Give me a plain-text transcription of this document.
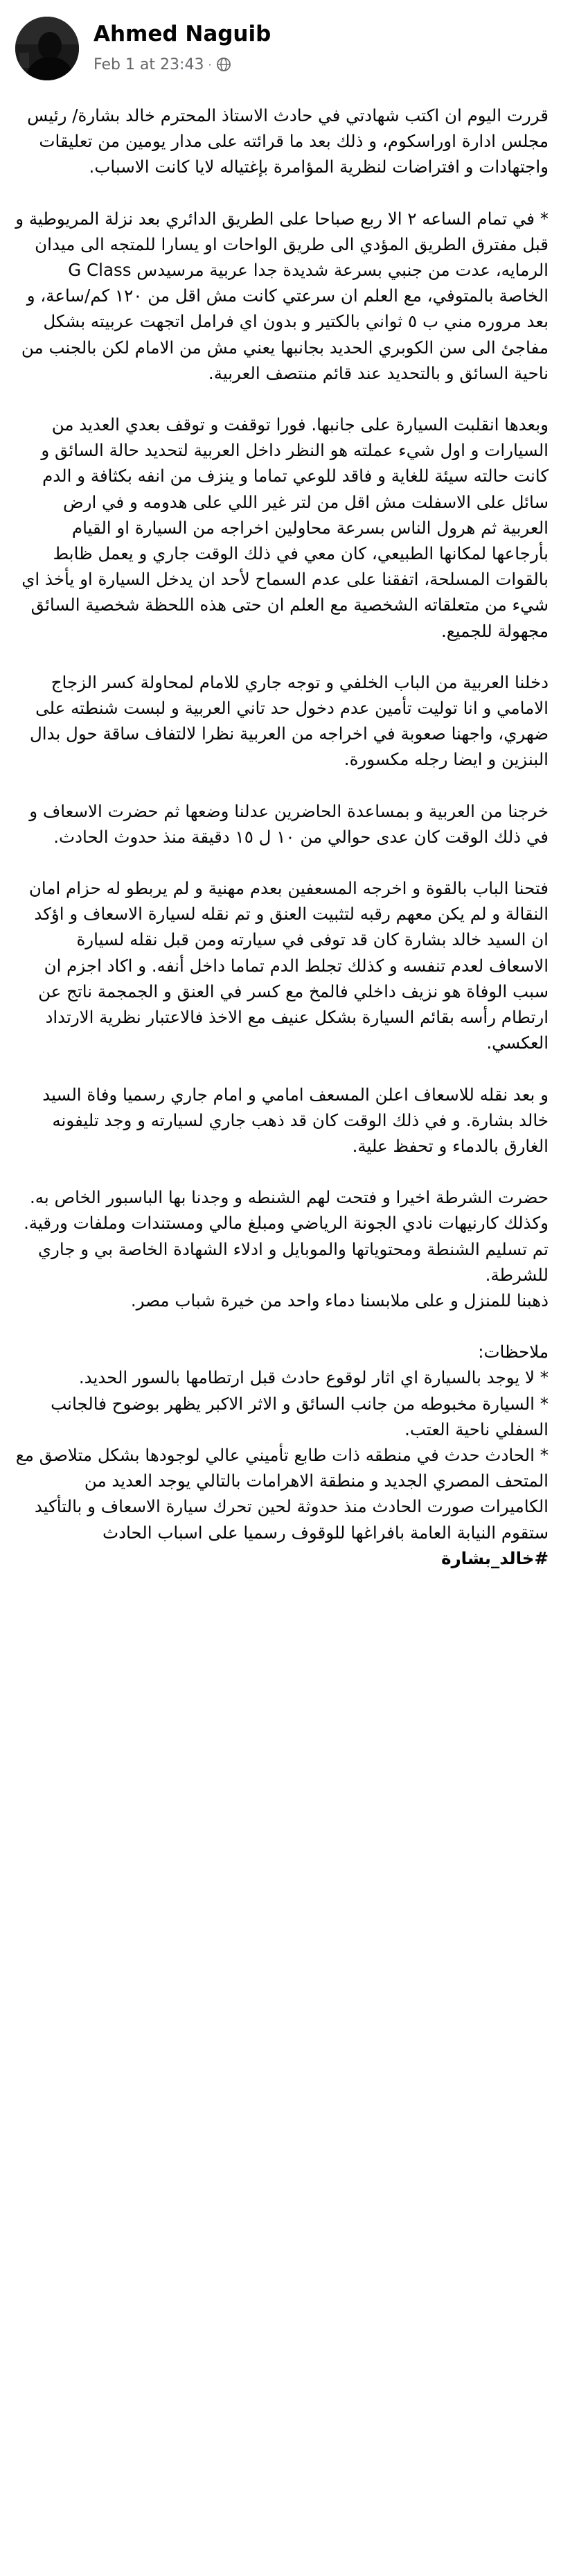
Ahmed Naguib
Feb 1 at 23:43 ·

قررت اليوم ان اكتب شهادتي في حادث الاستاذ المحترم خالد بشارة/ رئيس مجلس ادارة اوراسكوم، و ذلك بعد ما قرائته على مدار يومين من تعليقات واجتهادات و افتراضات لنظرية المؤامرة بإغتياله لايا كانت الاسباب.

* في تمام الساعه ٢ الا ربع صباحا على الطريق الدائري بعد نزلة المريوطية و قبل مفترق الطريق المؤدي الى طريق الواحات او يسارا للمتجه الى ميدان الرمايه، عدت من جنبي بسرعة شديدة جدا عربية مرسيدس G Class الخاصة بالمتوفي، مع العلم ان سرعتي كانت مش اقل من ١٢٠ كم/ساعة، و بعد مروره مني ب ٥ ثواني بالكتير و بدون اي فرامل اتجهت عربيته بشكل مفاجئ الى سن الكوبري الحديد بجانبها يعني مش من الامام لكن بالجنب من ناحية السائق و بالتحديد عند قائم منتصف العربية.

وبعدها انقلبت السيارة على جانبها. فورا توقفت و توقف بعدي العديد من السيارات و اول شيء عملته هو النظر داخل العربية لتحديد حالة السائق و كانت حالته سيئة للغاية و فاقد للوعي تماما و ينزف من انفه بكثافة و الدم سائل على الاسفلت مش اقل من لتر غير اللي على هدومه و في ارض العربية ثم هرول الناس بسرعة محاولين اخراجه من السيارة او القيام بأرجاعها لمكانها الطبيعي، كان معي في ذلك الوقت جاري و يعمل ظابط بالقوات المسلحة، اتفقنا على عدم السماح لأحد ان يدخل السيارة او يأخذ اي شيء من متعلقاته الشخصية مع العلم ان حتى هذه اللحظة شخصية السائق مجهولة للجميع.

دخلنا العربية من الباب الخلفي و توجه جاري للامام لمحاولة كسر الزجاج الامامي و انا توليت تأمين عدم دخول حد تاني العربية و لبست شنطته على ضهري، واجهنا صعوبة في اخراجه من العربية نظرا لالتفاف ساقة حول بدال البنزين و ايضا رجله مكسورة.

خرجنا من العربية و بمساعدة الحاضرين عدلنا وضعها ثم حضرت الاسعاف و في ذلك الوقت كان عدى حوالي من ١٠ ل ١٥ دقيقة منذ حدوث الحادث.

فتحنا الباب بالقوة و اخرجه المسعفين بعدم مهنية و لم يربطو له حزام امان النقالة و لم يكن معهم رقبه لتثبيت العنق و تم نقله لسيارة الاسعاف و اؤكد ان السيد خالد بشارة كان قد توفى في سيارته ومن قبل نقله لسيارة الاسعاف لعدم تنفسه و كذلك تجلط الدم تماما داخل أنفه. و اكاد اجزم ان سبب الوفاة هو نزيف داخلي فالمخ مع كسر في العنق و الجمجمة ناتج عن ارتطام رأسه بقائم السيارة بشكل عنيف مع الاخذ فالاعتبار نظرية الارتداد العكسي.

و بعد نقله للاسعاف اعلن المسعف امامي و امام جاري رسميا وفاة السيد خالد بشارة. و في ذلك الوقت كان قد ذهب جاري لسيارته و وجد تليفونه الغارق بالدماء و تحفظ علية.

حضرت الشرطة اخيرا و فتحت لهم الشنطه و وجدنا بها الباسبور الخاص به. وكذلك كارنيهات نادي الجونة الرياضي ومبلغ مالي ومستندات وملفات ورقية.
تم تسليم الشنطة ومحتوياتها والموبايل و ادلاء الشهادة الخاصة بي و جاري للشرطة.
ذهبنا للمنزل و على ملابسنا دماء واحد من خيرة شباب مصر.

ملاحظات:
* لا يوجد بالسيارة اي اثار لوقوع حادث قبل ارتطامها بالسور الحديد.
* السيارة مخبوطه من جانب السائق و الاثر الاكبر يظهر بوضوح فالجانب السفلي ناحية العتب.
* الحادث حدث في منطقه ذات طابع تأميني عالي لوجودها بشكل متلاصق مع المتحف المصري الجديد و منطقة الاهرامات بالتالي يوجد العديد من الكاميرات صورت الحادث منذ حدوثة لحين تحرك سيارة الاسعاف و بالتأكيد ستقوم النيابة العامة بافراغها للوقوف رسميا على اسباب الحادث

#خالد_بشارة
